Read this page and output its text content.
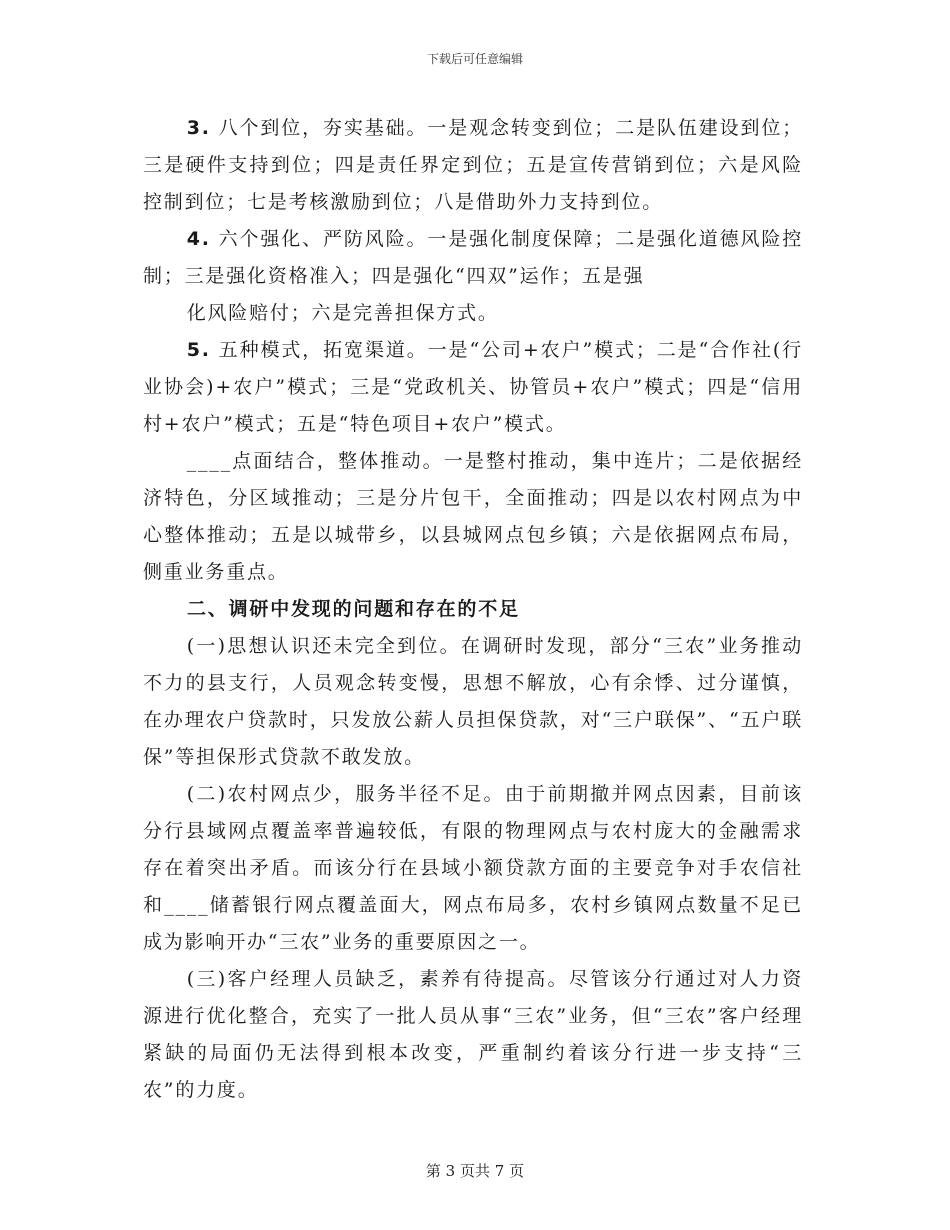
下载后可任意编辑

3. 八个到位，夯实基础。一是观念转变到位；二是队伍建设到位；三是硬件支持到位；四是责任界定到位；五是宣传营销到位；六是风险控制到位；七是考核激励到位；八是借助外力支持到位。

4. 六个强化、严防风险。一是强化制度保障；二是强化道德风险控制；三是强化资格准入；四是强化“四双”运作；五是强

化风险赔付；六是完善担保方式。

5. 五种模式，拓宽渠道。一是“公司+农户”模式；二是“合作社(行业协会)+农户”模式；三是“党政机关、协管员+农户”模式；四是“信用村+农户”模式；五是“特色项目+农户”模式。

____点面结合，整体推动。一是整村推动，集中连片；二是依据经济特色，分区域推动；三是分片包干，全面推动；四是以农村网点为中心整体推动；五是以城带乡，以县城网点包乡镇；六是依据网点布局，侧重业务重点。

二、调研中发现的问题和存在的不足

(一)思想认识还未完全到位。在调研时发现，部分“三农”业务推动不力的县支行，人员观念转变慢，思想不解放，心有余悸、过分谨慎，在办理农户贷款时，只发放公薪人员担保贷款，对“三户联保”、“五户联保”等担保形式贷款不敢发放。

(二)农村网点少，服务半径不足。由于前期撤并网点因素，目前该分行县域网点覆盖率普遍较低，有限的物理网点与农村庞大的金融需求存在着突出矛盾。而该分行在县域小额贷款方面的主要竞争对手农信社和____储蓄银行网点覆盖面大，网点布局多，农村乡镇网点数量不足已成为影响开办“三农”业务的重要原因之一。

(三)客户经理人员缺乏，素养有待提高。尽管该分行通过对人力资源进行优化整合，充实了一批人员从事“三农”业务，但“三农”客户经理紧缺的局面仍无法得到根本改变，严重制约着该分行进一步支持“三农”的力度。

第 3 页共 7 页
